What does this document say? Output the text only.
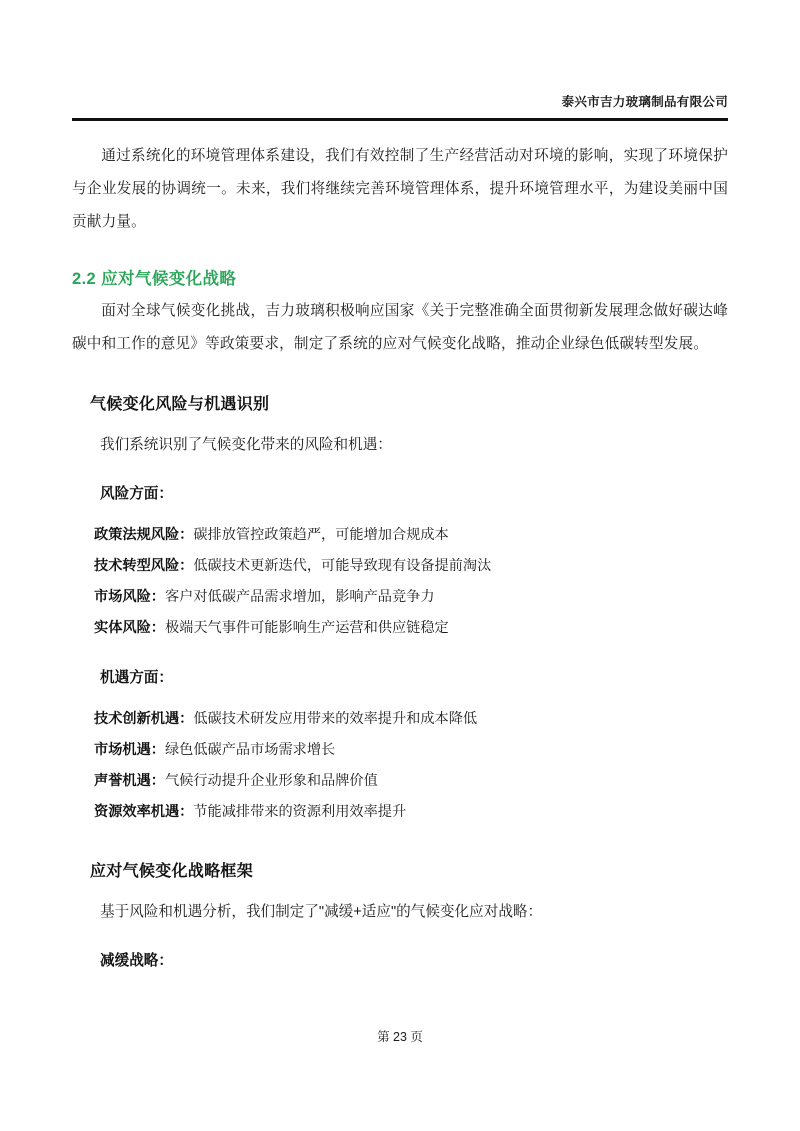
泰兴市吉力玻璃制品有限公司

通过系统化的环境管理体系建设，我们有效控制了生产经营活动对环境的影响，实现了环境保护与企业发展的协调统一。未来，我们将继续完善环境管理体系，提升环境管理水平，为建设美丽中国贡献力量。

2.2 应对气候变化战略

面对全球气候变化挑战，吉力玻璃积极响应国家《关于完整准确全面贯彻新发展理念做好碳达峰碳中和工作的意见》等政策要求，制定了系统的应对气候变化战略，推动企业绿色低碳转型发展。

气候变化风险与机遇识别

我们系统识别了气候变化带来的风险和机遇：

风险方面：

政策法规风险：碳排放管控政策趋严，可能增加合规成本
技术转型风险：低碳技术更新迭代，可能导致现有设备提前淘汰
市场风险：客户对低碳产品需求增加，影响产品竞争力
实体风险：极端天气事件可能影响生产运营和供应链稳定

机遇方面：

技术创新机遇：低碳技术研发应用带来的效率提升和成本降低
市场机遇：绿色低碳产品市场需求增长
声誉机遇：气候行动提升企业形象和品牌价值
资源效率机遇：节能减排带来的资源利用效率提升
应对气候变化战略框架

基于风险和机遇分析，我们制定了"减缓+适应"的气候变化应对战略：

减缓战略：

第 23 页
